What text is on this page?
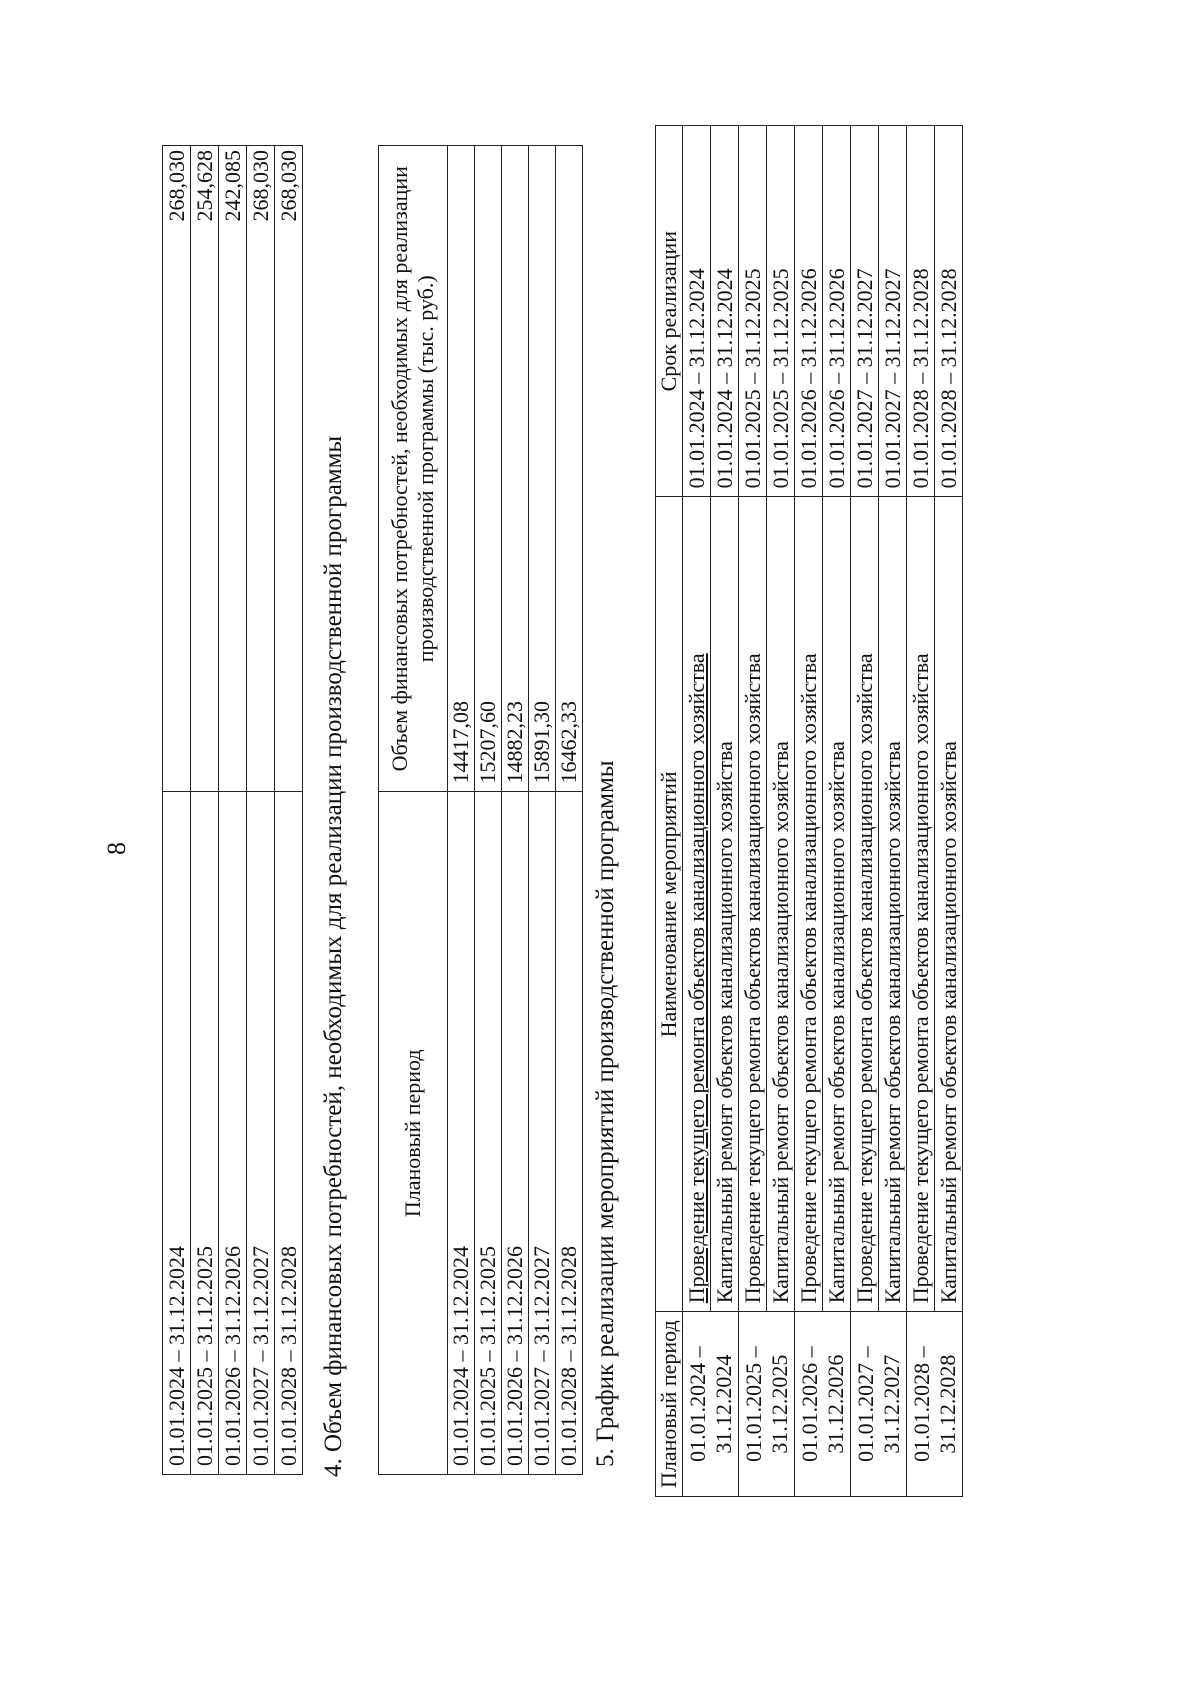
8
01.01.2024 – 31.12.2024	268,030
01.01.2025 – 31.12.2025	254,628
01.01.2026 – 31.12.2026	242,085
01.01.2027 – 31.12.2027	268,030
01.01.2028 – 31.12.2028	268,030
4. Объем финансовых потребностей, необходимых для реализации производственной программы Плановый период	Объем финансовых потребностей, необходимых для реализации производственной программы (тыс. руб.)
01.01.2024 – 31.12.2024	14417,08
01.01.2025 – 31.12.2025	15207,60
01.01.2026 – 31.12.2026	14882,23
01.01.2027 – 31.12.2027	15891,30
01.01.2028 – 31.12.2028	16462,33
5. График реализации мероприятий производственной программы Плановый период	Наименование мероприятий	Срок реализации

01.01.2024 – 31.12.2024	Проведение текущего ремонта объектов канализационного хозяйства	01.01.2024 – 31.12.2024
	Капитальный ремонт объектов канализационного хозяйства	01.01.2024 – 31.12.2024

01.01.2025 – 31.12.2025	Проведение текущего ремонта объектов канализационного хозяйства	01.01.2025 – 31.12.2025
	Капитальный ремонт объектов канализационного хозяйства	01.01.2025 – 31.12.2025

01.01.2026 – 31.12.2026	Проведение текущего ремонта объектов канализационного хозяйства	01.01.2026 – 31.12.2026
	Капитальный ремонт объектов канализационного хозяйства	01.01.2026 – 31.12.2026

01.01.2027 – 31.12.2027	Проведение текущего ремонта объектов канализационного хозяйства	01.01.2027 – 31.12.2027
	Капитальный ремонт объектов канализационного хозяйства	01.01.2027 – 31.12.2027

01.01.2028 – 31.12.2028	Проведение текущего ремонта объектов канализационного хозяйства	01.01.2028 – 31.12.2028
	Капитальный ремонт объектов канализационного хозяйства	01.01.2028 – 31.12.2028
